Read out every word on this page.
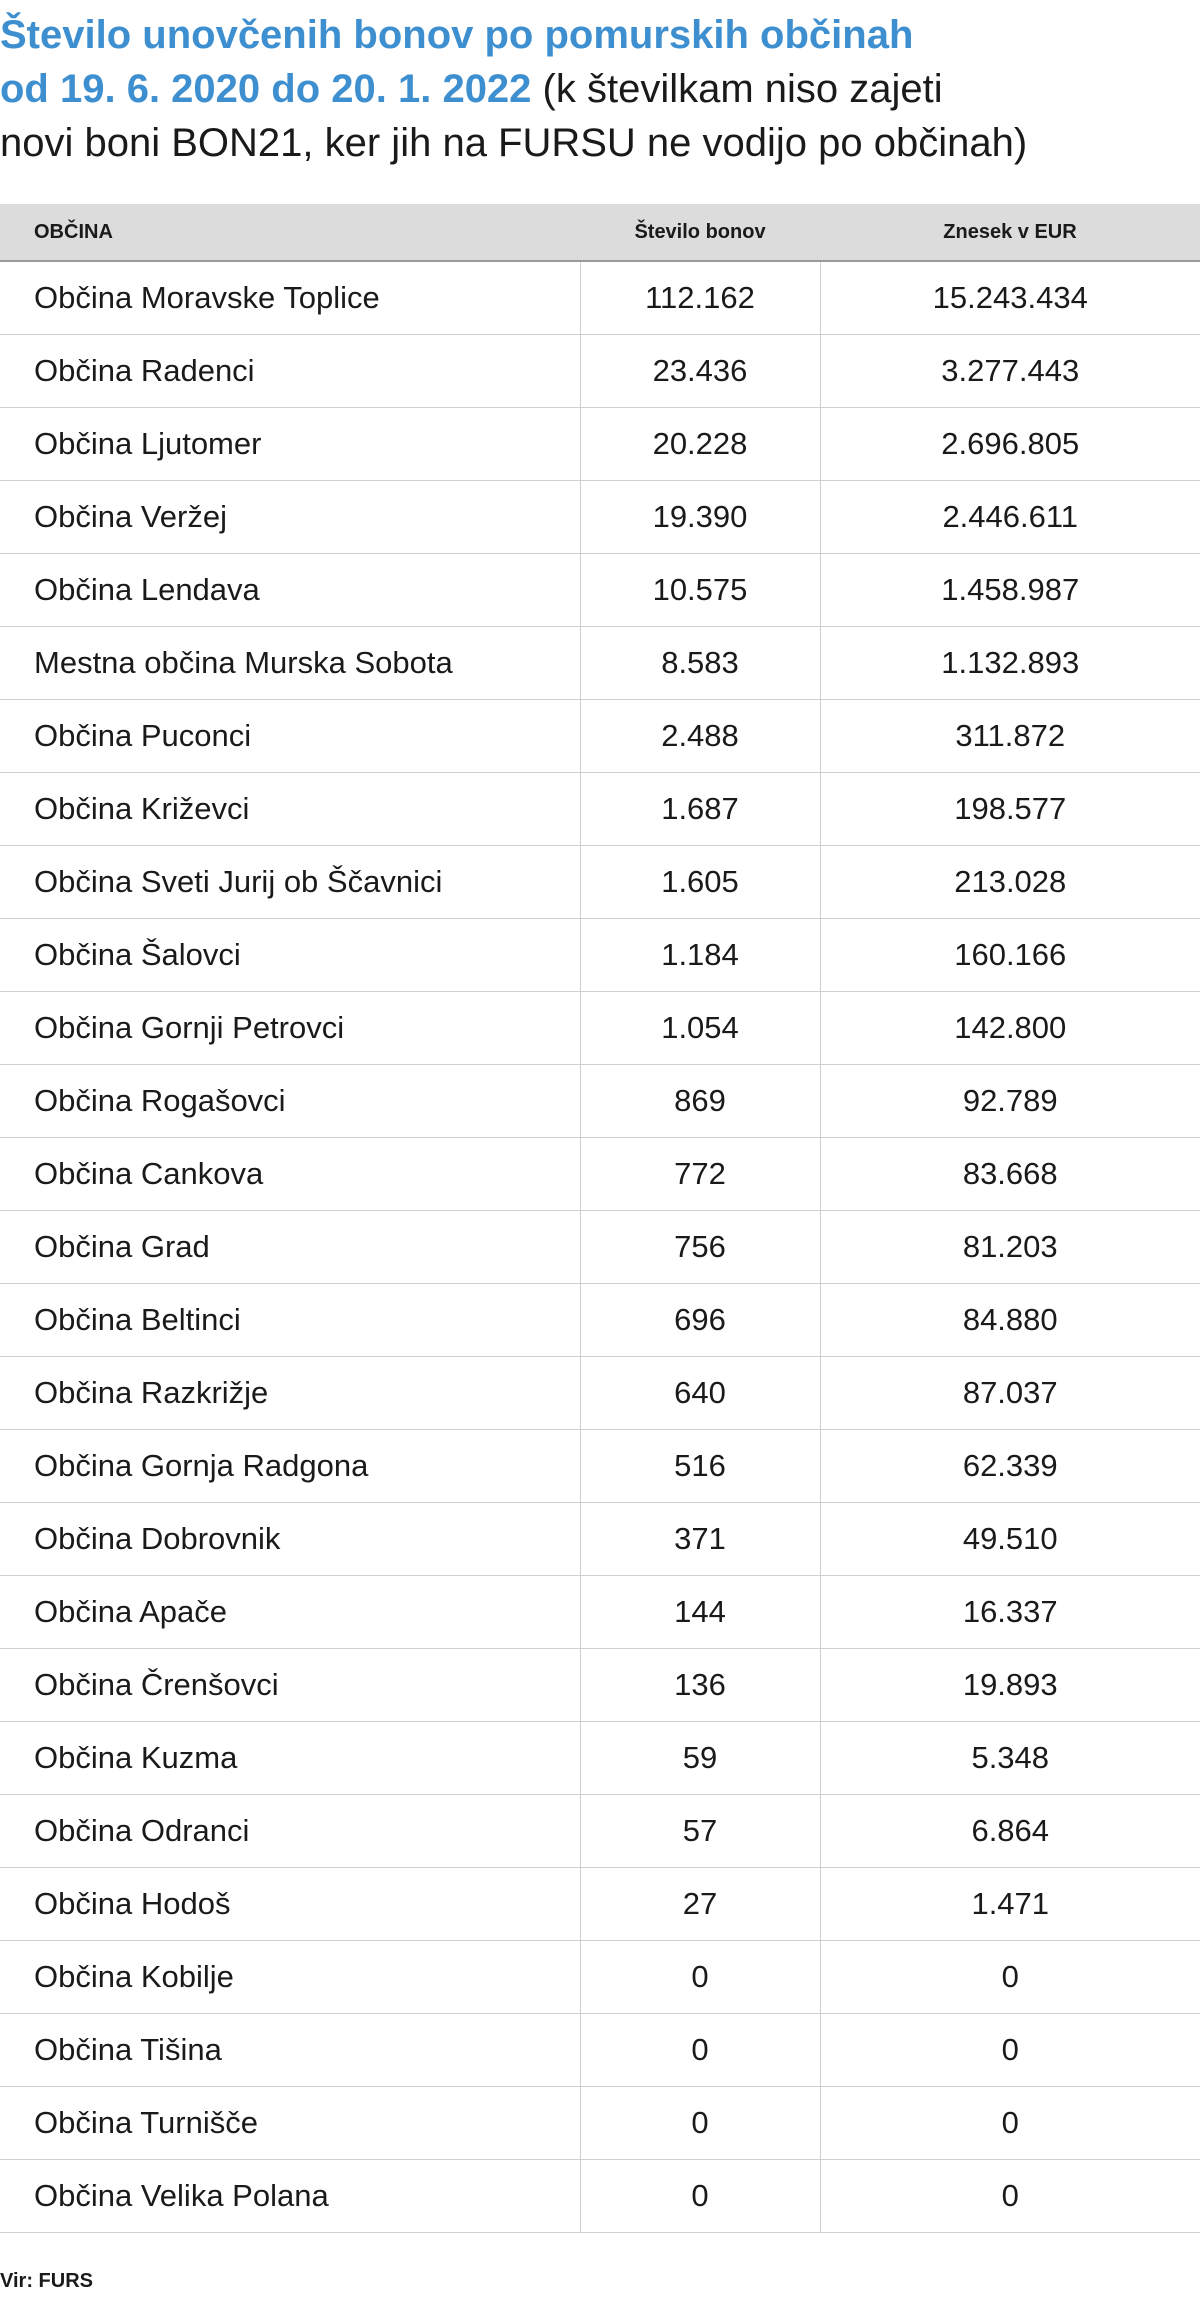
Število unovčenih bonov po pomurskih občinah
od 19. 6. 2020 do 20. 1. 2022 (k številkam niso zajeti
novi boni BON21, ker jih na FURSU ne vodijo po občinah)
OBČINA	Število bonov	Znesek v EUR
Občina Moravske Toplice	112.162	15.243.434
Občina Radenci	23.436	3.277.443
Občina Ljutomer	20.228	2.696.805
Občina Veržej	19.390	2.446.611
Občina Lendava	10.575	1.458.987
Mestna občina Murska Sobota	8.583	1.132.893
Občina Puconci	2.488	311.872
Občina Križevci	1.687	198.577
Občina Sveti Jurij ob Ščavnici	1.605	213.028
Občina Šalovci	1.184	160.166
Občina Gornji Petrovci	1.054	142.800
Občina Rogašovci	869	92.789
Občina Cankova	772	83.668
Občina Grad	756	81.203
Občina Beltinci	696	84.880
Občina Razkrižje	640	87.037
Občina Gornja Radgona	516	62.339
Občina Dobrovnik	371	49.510
Občina Apače	144	16.337
Občina Črenšovci	136	19.893
Občina Kuzma	59	5.348
Občina Odranci	57	6.864
Občina Hodoš	27	1.471
Občina Kobilje	0	0
Občina Tišina	0	0
Občina Turnišče	0	0
Občina Velika Polana	0	0
Vir: FURS
